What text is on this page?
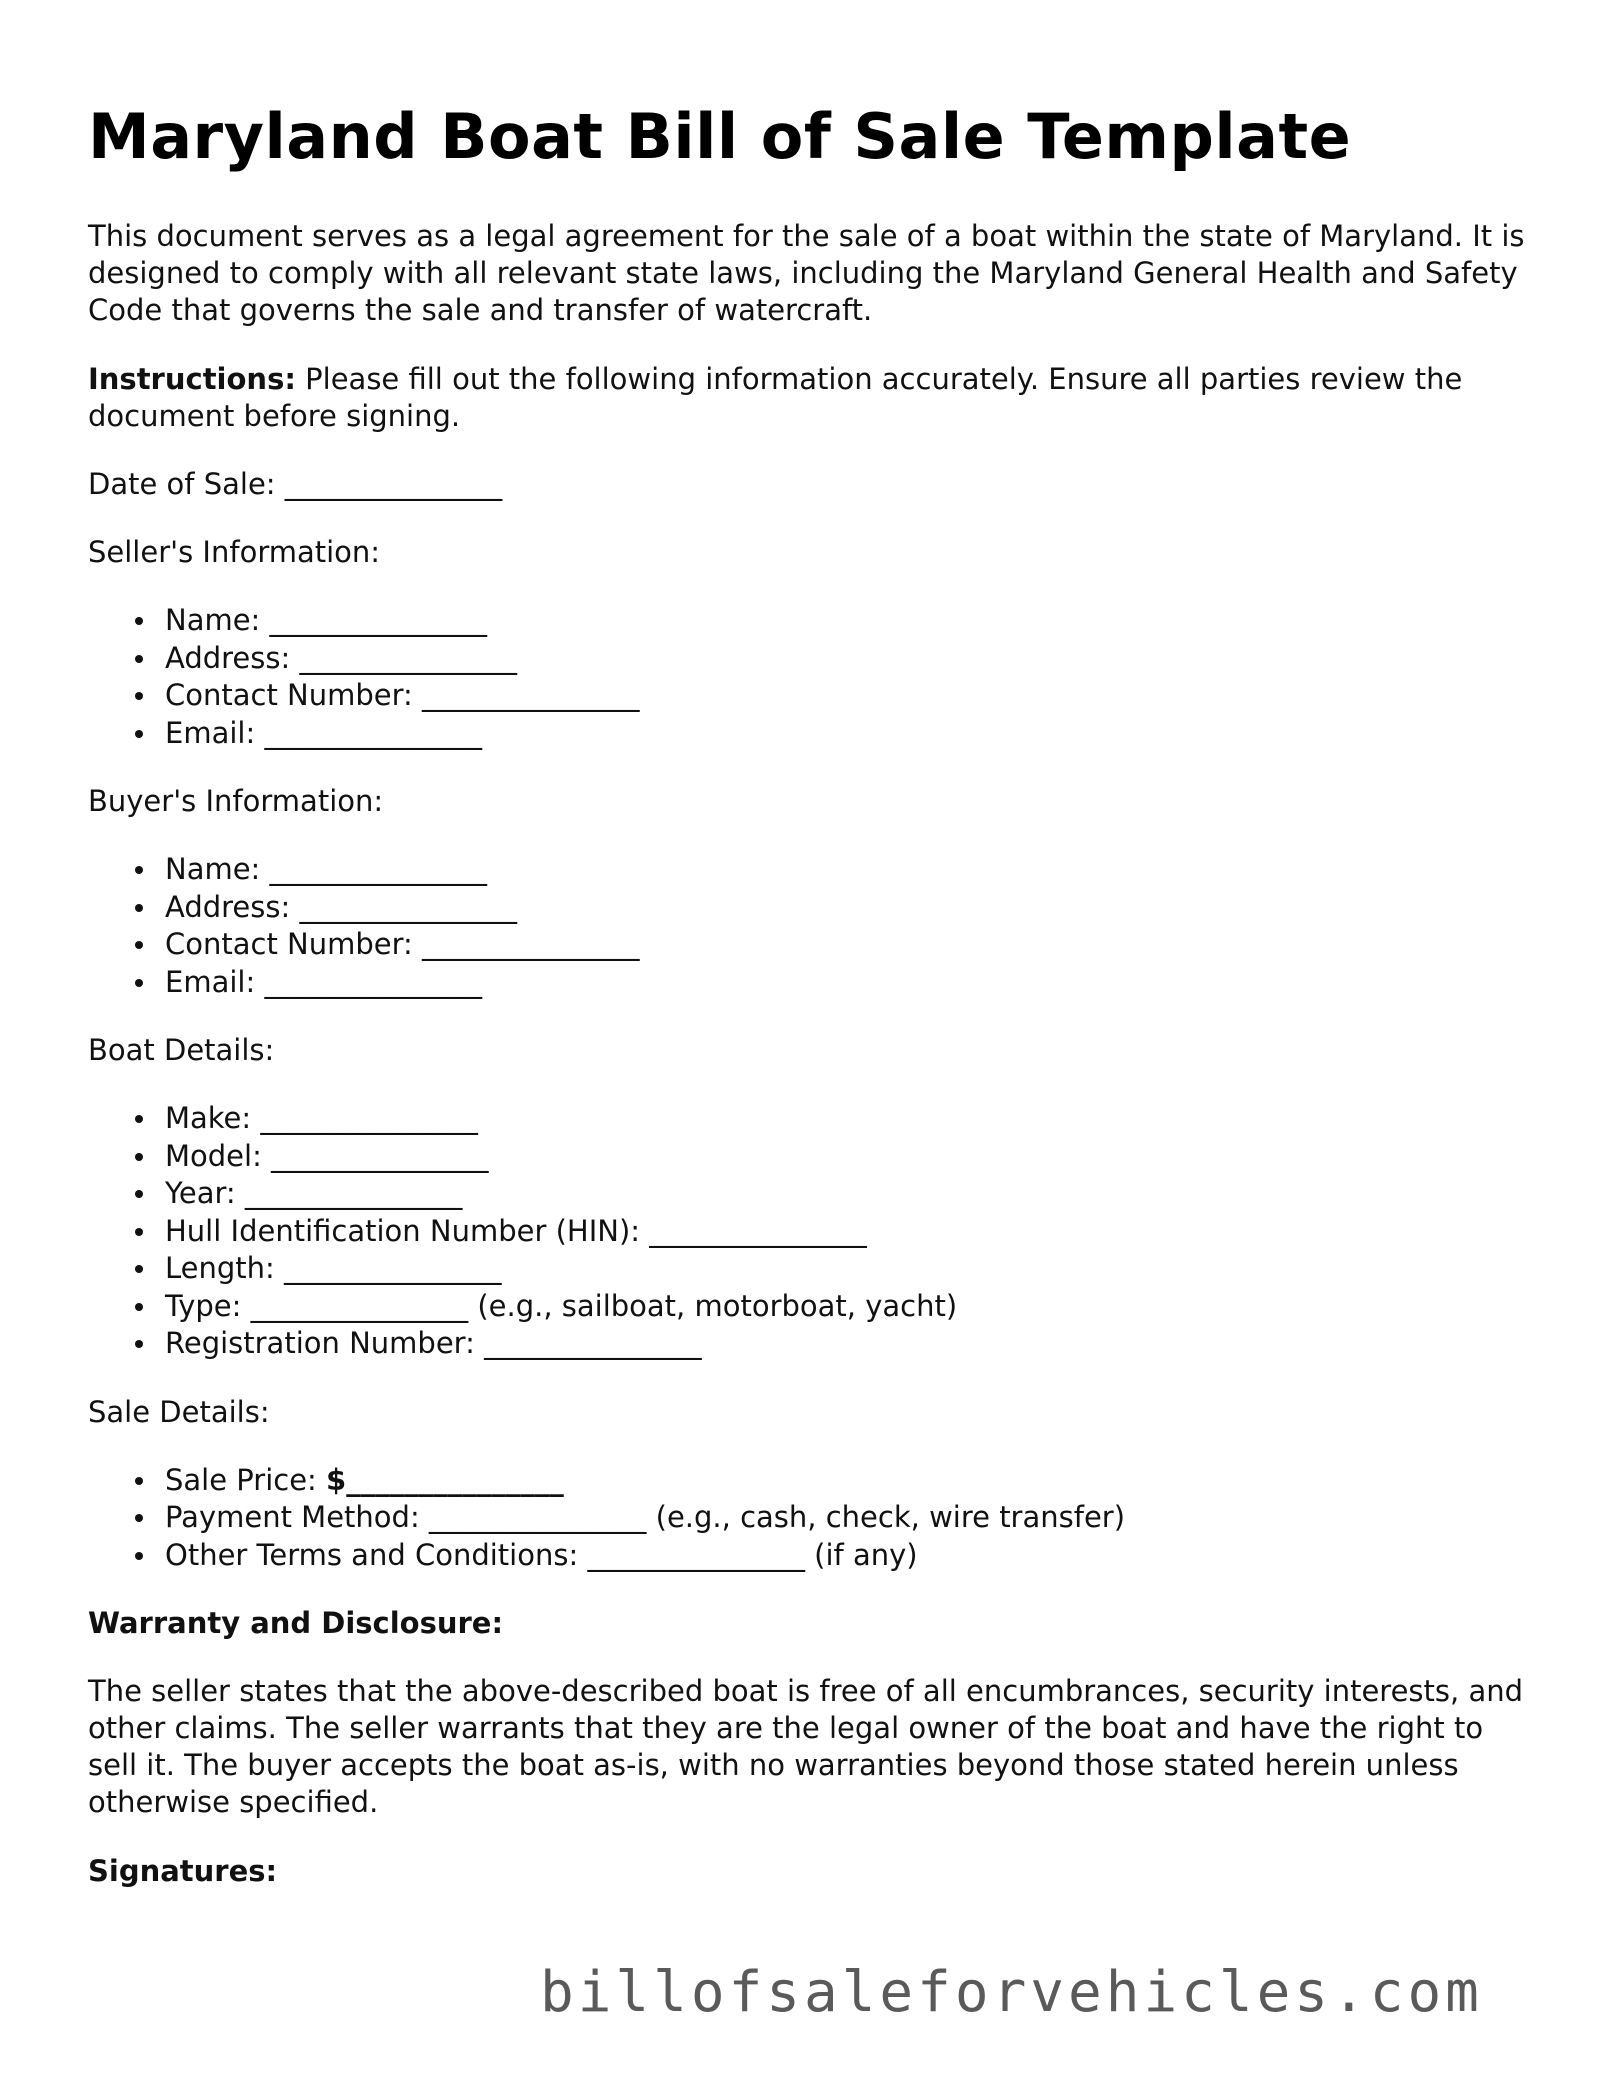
Maryland Boat Bill of Sale Template

This document serves as a legal agreement for the sale of a boat within the state of Maryland. It is designed to comply with all relevant state laws, including the Maryland General Health and Safety Code that governs the sale and transfer of watercraft.

Instructions: Please fill out the following information accurately. Ensure all parties review the document before signing.

Date of Sale: _______________

Seller's Information:

Name: _______________
Address: _______________
Contact Number: _______________
Email: _______________

Buyer's Information:

Name: _______________
Address: _______________
Contact Number: _______________
Email: _______________

Boat Details:

Make: _______________
Model: _______________
Year: _______________
Hull Identification Number (HIN): _______________
Length: _______________
Type: _______________ (e.g., sailboat, motorboat, yacht)
Registration Number: _______________

Sale Details:

Sale Price: $_______________
Payment Method: _______________ (e.g., cash, check, wire transfer)
Other Terms and Conditions: _______________ (if any)

Warranty and Disclosure:

The seller states that the above-described boat is free of all encumbrances, security interests, and other claims. The seller warrants that they are the legal owner of the boat and have the right to sell it. The buyer accepts the boat as-is, with no warranties beyond those stated herein unless otherwise specified.

Signatures:

billofsaleforvehicles.com
